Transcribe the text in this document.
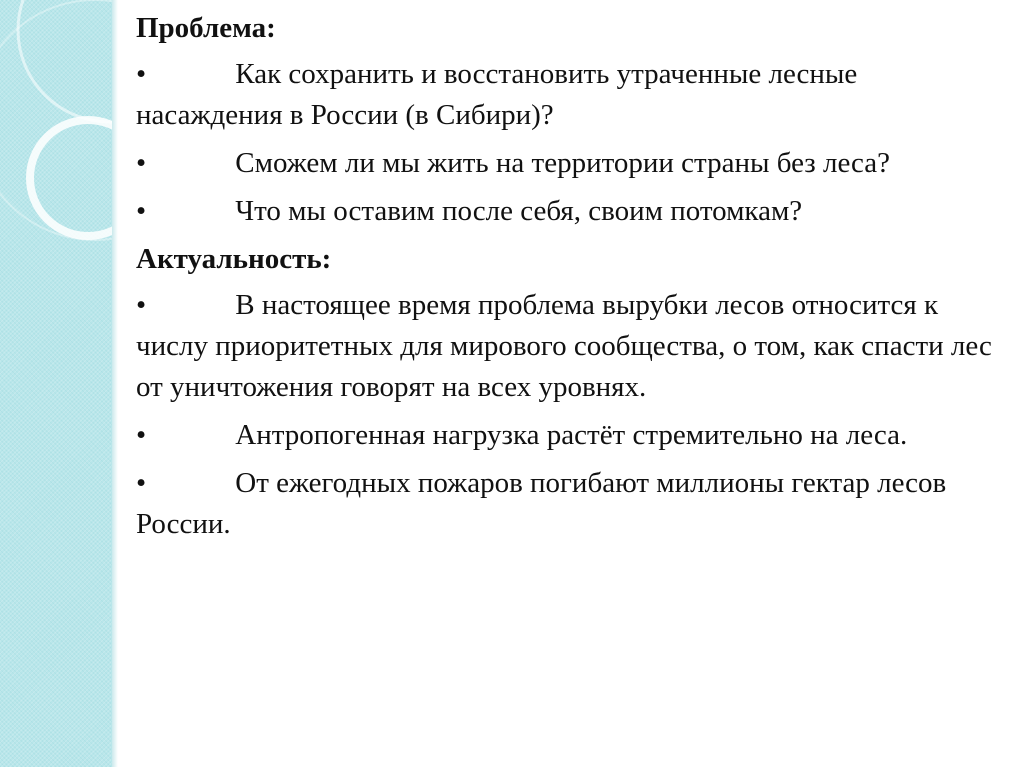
Проблема:
•	Как сохранить и восстановить утраченные лесные насаждения в России (в Сибири)?
•	Сможем ли мы жить на территории страны без леса?
•	Что мы оставим после себя, своим потомкам?
Актуальность:
•	В настоящее время проблема вырубки лесов относится к числу приоритетных для мирового сообщества, о том, как спасти лес от уничтожения говорят на всех уровнях.
•	Антропогенная нагрузка растёт стремительно на леса.
•	От ежегодных пожаров погибают миллионы гектар лесов России.
